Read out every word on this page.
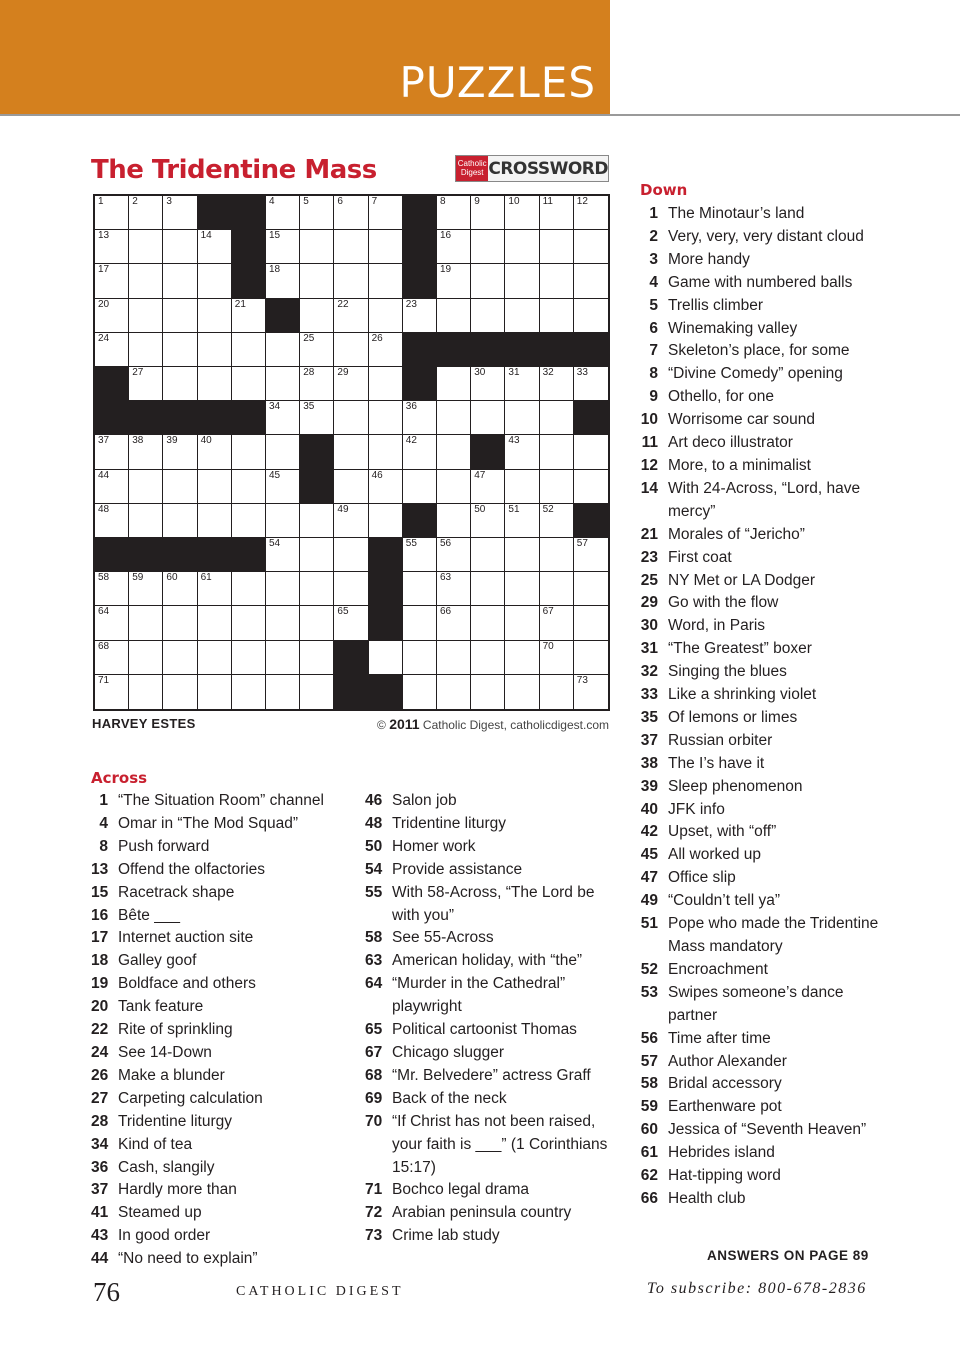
PUZZLES
The Tridentine Mass	Catholic Digest CROSSWORD
1	2	3	4	5	6	7	8	9	10 11 12
13	14	15	16
17	18	19
20	21	22	23
24	25	26
27	28 29	30 31 32 33
34 35	36
37 38 39 40	42	43
44	45	46	47
48	49	50 51 52
54	55 56	57
58 59 60 61	63
64	65	66	67
68	70
71	73
HARVEY ESTES	© 2011 Catholic Digest, catholicdigest.com
Across
1 “The Situation Room” channel
4 Omar in “The Mod Squad”
8 Push forward
13 Offend the olfactories
15 Racetrack shape
16 Bête ___
17 Internet auction site
18 Galley goof
19 Boldface and others
20 Tank feature
22 Rite of sprinkling
24 See 14-Down
26 Make a blunder
27 Carpeting calculation
28 Tridentine liturgy
34 Kind of tea
36 Cash, slangily
37 Hardly more than
41 Steamed up
43 In good order
44 “No need to explain”
46 Salon job
48 Tridentine liturgy
50 Homer work
54 Provide assistance
55 With 58-Across, “The Lord be with you”
58 See 55-Across
63 American holiday, with “the”
64 “Murder in the Cathedral” playwright
65 Political cartoonist Thomas
67 Chicago slugger
68 “Mr. Belvedere” actress Graff
69 Back of the neck
70 “If Christ has not been raised, your faith is ___” (1 Corinthians 15:17)
71 Bochco legal drama
72 Arabian peninsula country
73 Crime lab study
Down
1 The Minotaur’s land
2 Very, very, very distant cloud
3 More handy
4 Game with numbered balls
5 Trellis climber
6 Winemaking valley
7 Skeleton’s place, for some
8 “Divine Comedy” opening
9 Othello, for one
10 Worrisome car sound
11 Art deco illustrator
12 More, to a minimalist
14 With 24-Across, “Lord, have mercy”
21 Morales of “Jericho”
23 First coat
25 NY Met or LA Dodger
29 Go with the flow
30 Word, in Paris
31 “The Greatest” boxer
32 Singing the blues
33 Like a shrinking violet
35 Of lemons or limes
37 Russian orbiter
38 The I’s have it
39 Sleep phenomenon
40 JFK info
42 Upset, with “off”
45 All worked up
47 Office slip
49 “Couldn’t tell ya”
51 Pope who made the Tridentine Mass mandatory
52 Encroachment
53 Swipes someone’s dance partner
56 Time after time
57 Author Alexander
58 Bridal accessory
59 Earthenware pot
60 Jessica of “Seventh Heaven”
61 Hebrides island
62 Hat-tipping word
66 Health club
ANSWERS ON PAGE 89
76	CATHOLIC DIGEST	To subscribe: 800-678-2836
